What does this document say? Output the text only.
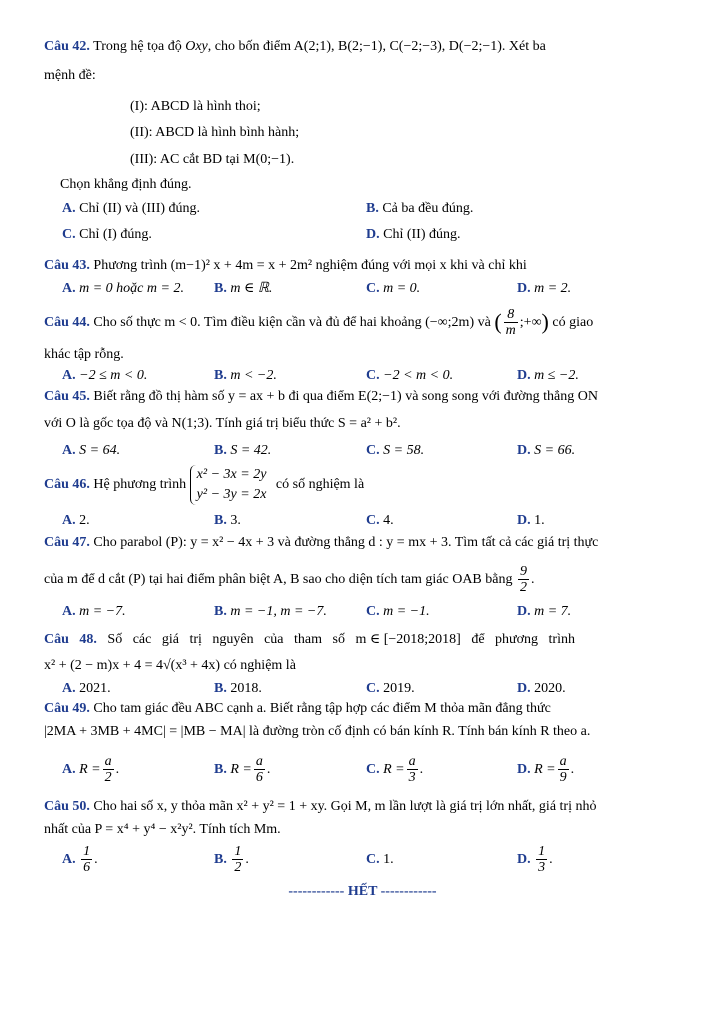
Câu 42. Trong hệ tọa độ Oxy, cho bốn điểm A(2;1), B(2;−1), C(−2;−3), D(−2;−1). Xét ba
mệnh đề:
(I): ABCD là hình thoi;
(II): ABCD là hình bình hành;
(III): AC cắt BD tại M(0;−1).
Chọn khẳng định đúng.
A. Chỉ (II) và (III) đúng.	B. Cả ba đều đúng.
C. Chỉ (I) đúng.	D. Chỉ (II) đúng.
Câu 43. Phương trình (m−1)² x + 4m = x + 2m² nghiệm đúng với mọi x khi và chỉ khi
A. m = 0 hoặc m = 2. B. m ∈ ℝ.	C. m = 0.	D. m = 2.
Câu 44. Cho số thực m < 0. Tìm điều kiện cần và đủ để hai khoảng (−∞;2m) và ( $\frac{8}{m}$ ;+∞) có giao
khác tập rỗng.
A. −2 ≤ m < 0.	B. m < −2.	C. −2 < m < 0.	D. m ≤ −2.
Câu 45. Biết rằng đồ thị hàm số y = ax + b đi qua điểm E(2;−1) và song song với đường thẳng ON
với O là gốc tọa độ và N(1;3). Tính giá trị biểu thức S = a² + b².
A. S = 64.	B. S = 42.	C. S = 58.	D. S = 66.
Câu 46. Hệ phương trình
x² − 3x = 2y
y² − 3y = 2x
có số nghiệm là
A. 2.	B. 3.	C. 4.	D. 1.
Câu 47. Cho parabol (P): y = x² − 4x + 3 và đường thẳng d : y = mx + 3. Tìm tất cả các giá trị thực
của m để d cắt (P) tại hai điểm phân biệt A, B sao cho diện tích tam giác OAB bằng $\frac{9}{2}$ .
A. m = −7.	B. m = −1, m = −7.	C. m = −1.	D. m = 7.
Câu   48. Số   các   giá   trị   nguyên   của   tham   số   m ∈ [−2018;2018]   để   phương   trình
x² + (2 − m)x + 4 = 4√(x³ + 4x) có nghiệm là
A. 2021.	B. 2018.	C. 2019.	D. 2020.
Câu 49. Cho tam giác đều ABC cạnh a. Biết rằng tập hợp các điểm M thỏa mãn đẳng thức
|2MA + 3MB + 4MC| = |MB − MA| là đường tròn cố định có bán kính R. Tính bán kính R theo a.
A. $R = \frac{a}{2}$ .	B. $R = \frac{a}{6}$ .	C. $R = \frac{a}{3}$ .	D. $R = \frac{a}{9}$ .
Câu 50. Cho hai số x, y thỏa mãn x² + y² = 1 + xy. Gọi M, m lần lượt là giá trị lớn nhất, giá trị nhỏ
nhất của P = x⁴ + y⁴ − x²y². Tính tích Mm.
A. $\frac{1}{6}$ .	B. $\frac{1}{2}$ .	C. 1.	D. $\frac{1}{3}$ .
------------ HẾT ------------
